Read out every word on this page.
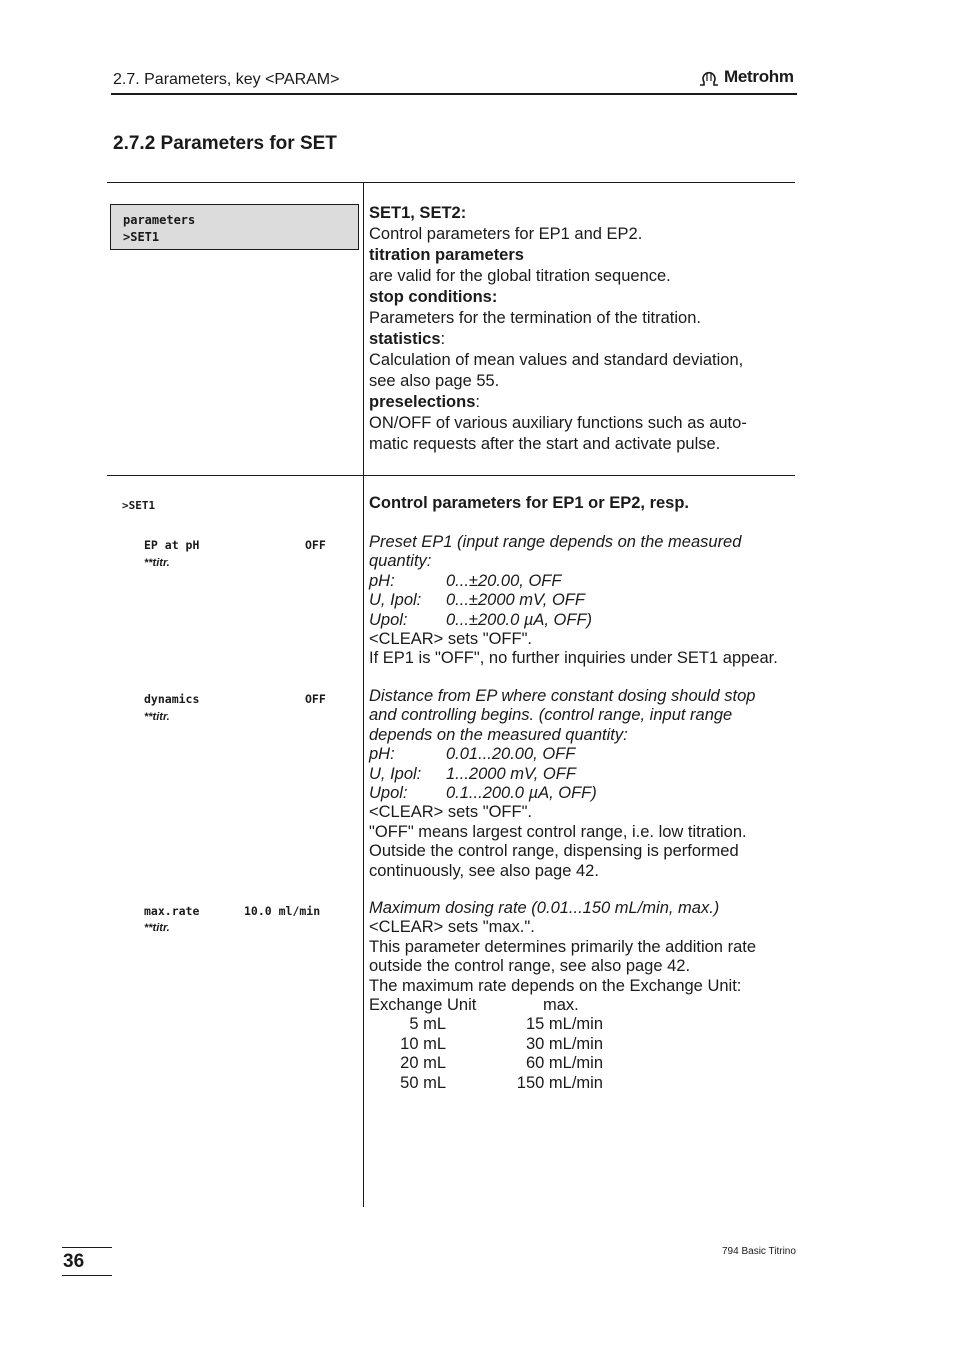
2.7. Parameters, key <PARAM>	Metrohm
2.7.2 Parameters for SET
parameters
>SET1
SET1, SET2:
Control parameters for EP1 and EP2.
titration parameters
are valid for the global titration sequence.
stop conditions:
Parameters for the termination of the titration.
statistics:
Calculation of mean values and standard deviation,
see also page 55.
preselections:
ON/OFF of various auxiliary functions such as auto-
matic requests after the start and activate pulse.
>SET1	Control parameters for EP1 or EP2, resp.
EP at pH	OFF
**titr.
Preset EP1 (input range depends on the measured
quantity:
pH:	0...±20.00, OFF
U, Ipol:	0...±2000 mV, OFF
Upol:	0...±200.0 µA, OFF)
<CLEAR> sets "OFF".
If EP1 is "OFF", no further inquiries under SET1 appear.
dynamics	OFF
**titr.
Distance from EP where constant dosing should stop
and controlling begins. (control range, input range
depends on the measured quantity:
pH:	0.01...20.00, OFF
U, Ipol:	1...2000 mV, OFF
Upol:	0.1...200.0 µA, OFF)
<CLEAR> sets "OFF".
"OFF" means largest control range, i.e. low titration.
Outside the control range, dispensing is performed
continuously, see also page 42.
max.rate	10.0 ml/min
**titr.
Maximum dosing rate (0.01...150 mL/min, max.)
<CLEAR> sets "max.".
This parameter determines primarily the addition rate
outside the control range, see also page 42.
The maximum rate depends on the Exchange Unit:
Exchange Unit	max.
5 mL	15 mL/min
10 mL	30 mL/min
20 mL	60 mL/min
50 mL	150 mL/min
36	794 Basic Titrino
